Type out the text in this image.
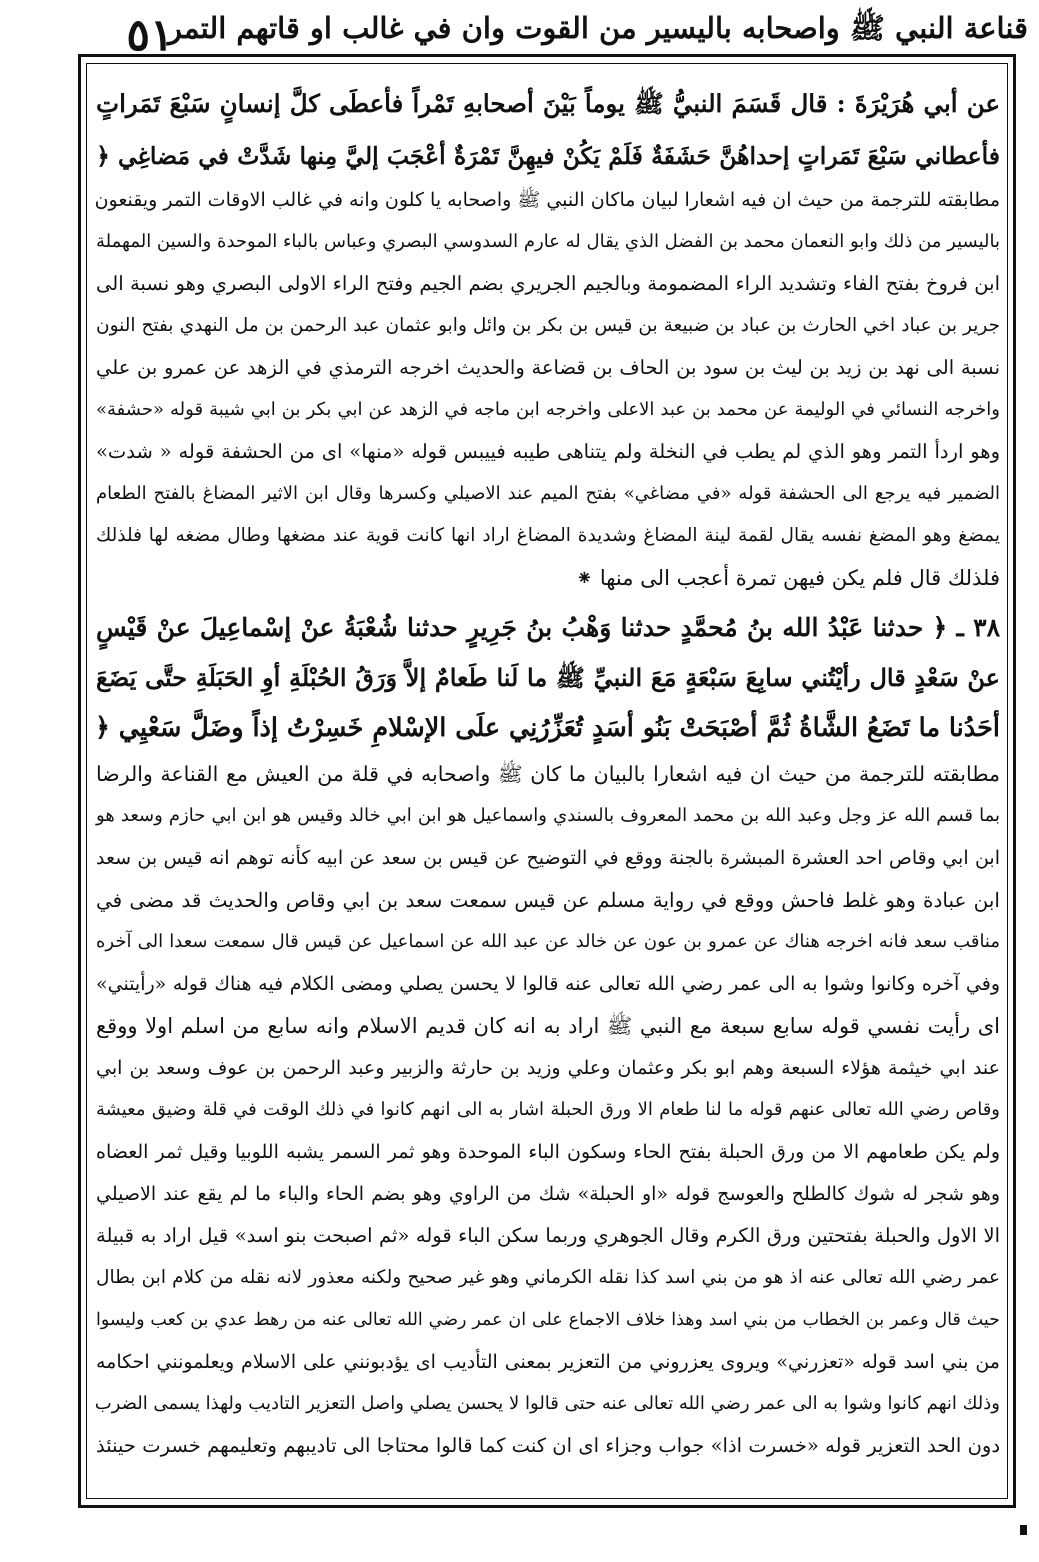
٥١
قناعة النبي ﷺ واصحابه باليسير من القوت وان في غالب او قاتهم التمر
عن أبي هُرَيْرَةَ : قال قَسَمَ النبيُّ ﷺ يوماً بَيْنَ أصحابهِ تَمْراً فأعطَى كلَّ إنسانٍ سَبْعَ تَمَراتٍ
فأعطاني سَبْعَ تَمَراتٍ إحداهُنَّ حَشَفَةٌ فَلَمْ يَكُنْ فيهِنَّ تَمْرَةٌ أعْجَبَ إليَّ مِنها شَدَّتْ في مَضاغِي ﴿
مطابقته للترجمة من حيث ان فيه اشعارا لبيان ماكان النبي ﷺ واصحابه يا كلون وانه في غالب الاوقات التمر ويقنعون
باليسير من ذلك وابو النعمان محمد بن الفضل الذي يقال له عارم السدوسي البصري وعباس بالباء الموحدة والسين المهملة
ابن فروخ بفتح الفاء وتشديد الراء المضمومة وبالجيم الجريري بضم الجيم وفتح الراء الاولى البصري وهو نسبة الى
جرير بن عباد اخي الحارث بن عباد بن ضبيعة بن قيس بن بكر بن وائل وابو عثمان عبد الرحمن بن مل النهدي بفتح النون
نسبة الى نهد بن زيد بن ليث بن سود بن الحاف بن قضاعة والحديث اخرجه الترمذي في الزهد عن عمرو بن علي
واخرجه النسائي في الوليمة عن محمد بن عبد الاعلى واخرجه ابن ماجه في الزهد عن ابي بكر بن ابي شيبة قوله «حشفة»
وهو اردأ التمر وهو الذي لم يطب في النخلة ولم يتناهى طيبه فييبس قوله «منها» اى من الحشفة قوله « شدت»
الضمير فيه يرجع الى الحشفة قوله «في مضاغي» بفتح الميم عند الاصيلي وكسرها وقال ابن الاثير المضاغ بالفتح الطعام
يمضغ وهو المضغ نفسه يقال لقمة لينة المضاغ وشديدة المضاغ اراد انها كانت قوية عند مضغها وطال مضغه لها فلذلك
فلذلك قال فلم يكن فيهن تمرة أعجب الى منها ⁕
٣٨ ـ ﴿ حدثنا عَبْدُ الله بنُ مُحمَّدٍ حدثنا وَهْبُ بنُ جَرِيرٍ حدثنا شُعْبَةُ عنْ إسْماعِيلَ عنْ قَيْسٍ
عنْ سَعْدٍ قال رأيْتُني سابِعَ سَبْعَةٍ مَعَ النبيِّ ﷺ ما لَنا طَعامٌ إلاَّ وَرَقُ الحُبْلَةِ أوِ الحَبَلَةِ حتَّى يَضَعَ
أحَدُنا ما تَضَعُ الشَّاةُ ثُمَّ أصْبَحَتْ بَنُو أسَدٍ تُعَزِّرُنِي علَى الإسْلامِ خَسِرْتُ إذاً وضَلَّ سَعْيِي ﴿
مطابقته للترجمة من حيث ان فيه اشعارا بالبيان ما كان ﷺ واصحابه في قلة من العيش مع القناعة والرضا
بما قسم الله عز وجل وعبد الله بن محمد المعروف بالسندي واسماعيل هو ابن ابي خالد وقيس هو ابن ابي حازم وسعد هو
ابن ابي وقاص احد العشرة المبشرة بالجنة ووقع في التوضيح عن قيس بن سعد عن ابيه كأنه توهم انه قيس بن سعد
ابن عبادة وهو غلط فاحش ووقع في رواية مسلم عن قيس سمعت سعد بن ابي وقاص والحديث قد مضى في
مناقب سعد فانه اخرجه هناك عن عمرو بن عون عن خالد عن عبد الله عن اسماعيل عن قيس قال سمعت سعدا الى آخره
وفي آخره وكانوا وشوا به الى عمر رضي الله تعالى عنه قالوا لا يحسن يصلي ومضى الكلام فيه هناك قوله «رأيتني»
اى رأيت نفسي قوله سابع سبعة مع النبي ﷺ اراد به انه كان قديم الاسلام وانه سابع من اسلم اولا ووقع
عند ابي خيثمة هؤلاء السبعة وهم ابو بكر وعثمان وعلي وزيد بن حارثة والزبير وعبد الرحمن بن عوف وسعد بن ابي
وقاص رضي الله تعالى عنهم قوله ما لنا طعام الا ورق الحبلة اشار به الى انهم كانوا في ذلك الوقت في قلة وضيق معيشة
ولم يكن طعامهم الا من ورق الحبلة بفتح الحاء وسكون الباء الموحدة وهو ثمر السمر يشبه اللوبيا وقيل ثمر العضاه
وهو شجر له شوك كالطلح والعوسج قوله «او الحبلة» شك من الراوي وهو بضم الحاء والباء ما لم يقع عند الاصيلي
الا الاول والحبلة بفتحتين ورق الكرم وقال الجوهري وربما سكن الباء قوله «ثم اصبحت بنو اسد» قيل اراد به قبيلة
عمر رضي الله تعالى عنه اذ هو من بني اسد كذا نقله الكرماني وهو غير صحيح ولكنه معذور لانه نقله من كلام ابن بطال
حيث قال وعمر بن الخطاب من بني اسد وهذا خلاف الاجماع على ان عمر رضي الله تعالى عنه من رهط عدي بن كعب وليسوا
من بني اسد قوله «تعزرني» ويروى يعزروني من التعزير بمعنى التأديب اى يؤدبونني على الاسلام ويعلمونني احكامه
وذلك انهم كانوا وشوا به الى عمر رضي الله تعالى عنه حتى قالوا لا يحسن يصلي واصل التعزير التاديب ولهذا يسمى الضرب
دون الحد التعزير قوله «خسرت اذا» جواب وجزاء اى ان كنت كما قالوا محتاجا الى تاديبهم وتعليمهم خسرت حينئذ
